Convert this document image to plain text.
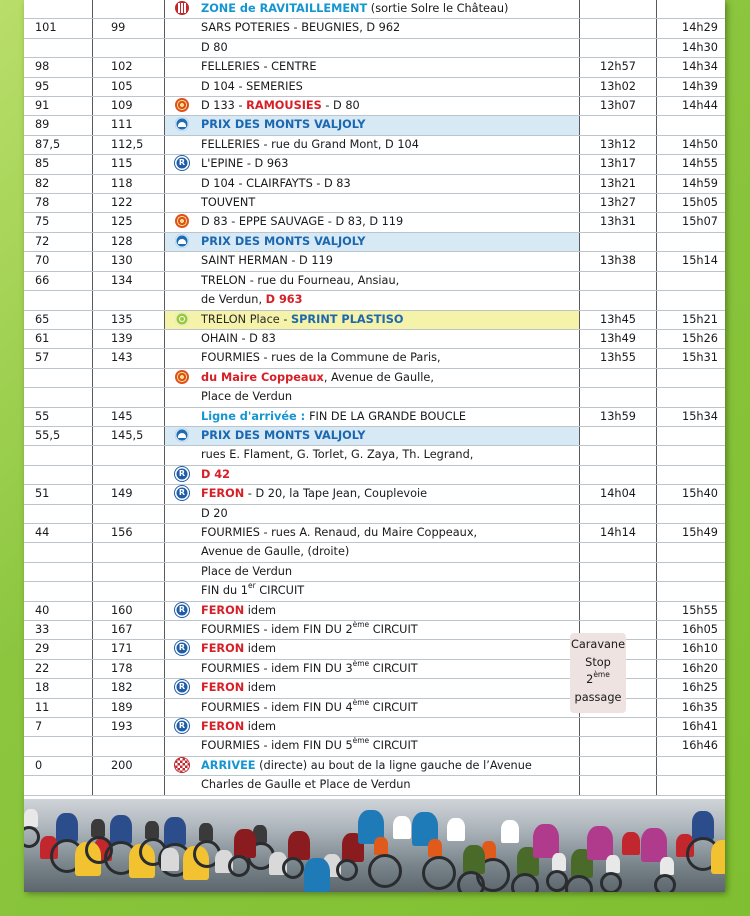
			ZONE de RAVITAILLEMENT (sortie Solre le Château)		
101	99		SARS POTERIES - BEUGNIES, D 962		14h29
			D 80		14h30
98	102		FELLERIES - CENTRE	12h57	14h34
95	105		D 104 - SEMERIES	13h02	14h39
91	109		D 133 - RAMOUSIES - D 80	13h07	14h44
89	111		PRIX DES MONTS VALJOLY		
87,5	112,5		FELLERIES - rue du Grand Mont, D 104	13h12	14h50
85	115	R	L'EPINE - D 963	13h17	14h55
82	118		D 104 - CLAIRFAYTS - D 83	13h21	14h59
78	122		TOUVENT	13h27	15h05
75	125		D 83 - EPPE SAUVAGE - D 83, D 119	13h31	15h07
72	128		PRIX DES MONTS VALJOLY		
70	130		SAINT HERMAN - D 119	13h38	15h14
66	134		TRELON - rue du Fourneau, Ansiau,		
			de Verdun, D 963		
65	135		TRELON Place - SPRINT PLASTISO	13h45	15h21
61	139		OHAIN - D 83	13h49	15h26
57	143		FOURMIES - rues de la Commune de Paris,	13h55	15h31
			du Maire Coppeaux, Avenue de Gaulle,		
			Place de Verdun		
55	145		Ligne d'arrivée : FIN DE LA GRANDE BOUCLE	13h59	15h34
55,5	145,5		PRIX DES MONTS VALJOLY		
			rues E. Flament, G. Torlet, G. Zaya, Th. Legrand,		
		R	D 42		
51	149	R	FERON - D 20, la Tape Jean, Couplevoie	14h04	15h40
			D 20		
44	156		FOURMIES - rues A. Renaud, du Maire Coppeaux,	14h14	15h49
			Avenue de Gaulle, (droite)		
			Place de Verdun		
			FIN du 1er CIRCUIT		
40	160	R	FERON idem		15h55
33	167		FOURMIES - idem FIN DU 2ème CIRCUIT		16h05
29	171	R	FERON idem		16h10
22	178		FOURMIES - idem FIN DU 3ème CIRCUIT		16h20
18	182	R	FERON idem		16h25
11	189		FOURMIES - idem FIN DU 4ème CIRCUIT		16h35
7	193	R	FERON idem		16h41
			FOURMIES - idem FIN DU 5ème CIRCUIT		16h46
0	200		ARRIVEE (directe) au bout de la ligne gauche de l’Avenue		
			Charles de Gaulle et Place de Verdun		
Caravane
Stop
2ème
passage
